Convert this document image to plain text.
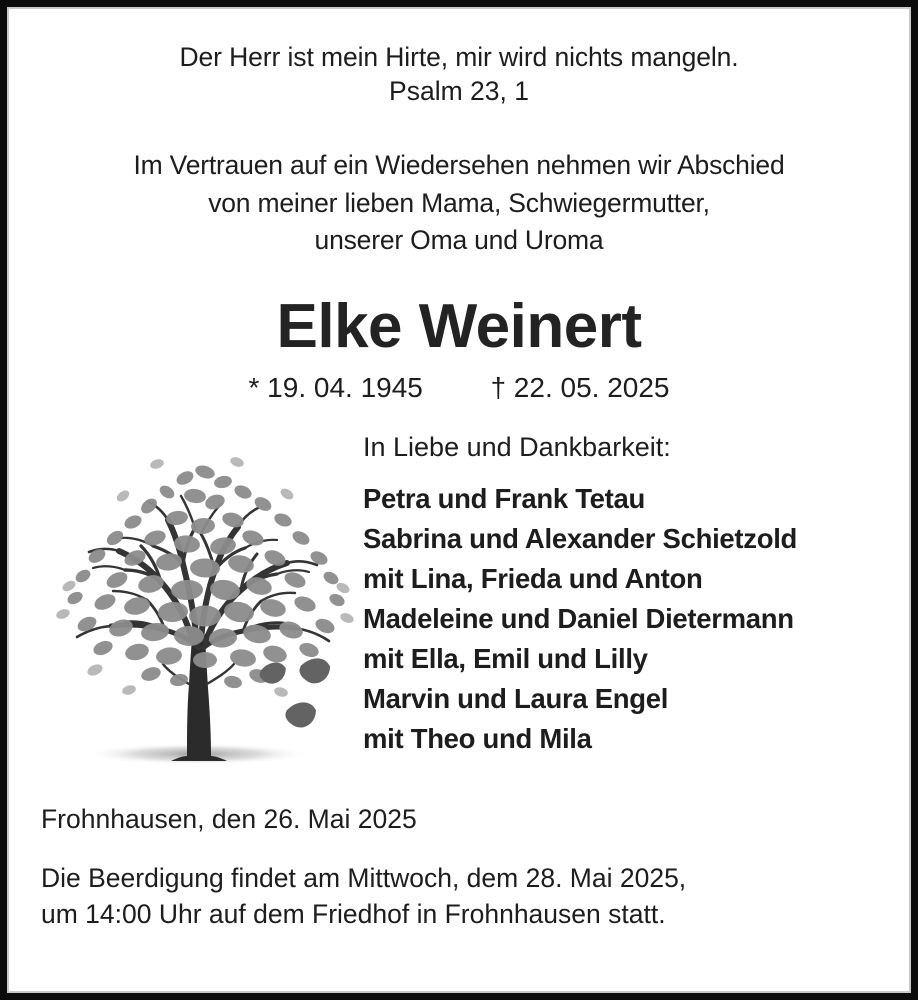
Der Herr ist mein Hirte, mir wird nichts mangeln.
Psalm 23, 1
Im Vertrauen auf ein Wiedersehen nehmen wir Abschied
von meiner lieben Mama, Schwiegermutter,
unserer Oma und Uroma
Elke Weinert
* 19. 04. 1945 † 22. 05. 2025
In Liebe und Dankbarkeit:
Petra und Frank Tetau
Sabrina und Alexander Schietzold
mit Lina, Frieda und Anton
Madeleine und Daniel Dietermann
mit Ella, Emil und Lilly
Marvin und Laura Engel
mit Theo und Mila
Frohnhausen, den 26. Mai 2025
Die Beerdigung findet am Mittwoch, dem 28. Mai 2025,
um 14:00 Uhr auf dem Friedhof in Frohnhausen statt.
